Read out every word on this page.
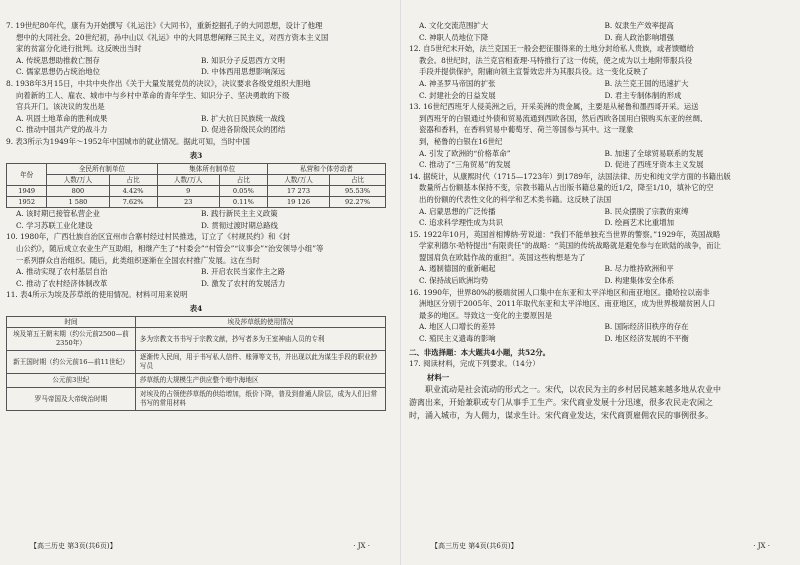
7. 19世纪80年代，康有为开始撰写《礼运注》《大同书》，重新挖掘孔子的大同思想，设计了他理
想中的大同社会。20世纪初，孙中山以《礼运》中的大同思想阐释三民主义，对西方资本主义国
家的贫富分化进行批判。这反映出当时
A. 传统思想助推救亡图存	B. 知识分子反思西方文明
C. 儒家思想仍占统治地位	D. 中体西用思想影响深远
8. 1938年3月15日，中共中央作出《关于大量发展党员的决议》，决议要求各级党组织大胆地
向着新的工人、雇农、城市中与乡村中革命的青年学生、知识分子、坚决勇敢的下级
官兵开门。该决议的发出是
A. 巩固土地革命的胜利成果	B. 扩大抗日民族统一战线
C. 推动中国共产党的战斗力	D. 促进各阶级民众的团结
9. 表3所示为1949年～1952年中国城市的就业情况。据此可知，当时中国
表3
年份	全民所有制单位		集体所有制单位		私营和个体劳动者	
	人数/万人	占比	人数/万人	占比	人数/万人	占比
1949	800	4.42%	9	0.05%	17 273	95.53%
1952	1 580	7.62%	23	0.11%	19 126	92.27%
A. 该时期已接管私营企业	B. 践行新民主主义政策
C. 学习苏联工业化建设	D. 贯彻过渡时期总路线
10. 1980年，广西壮族自治区宜州市合寨村经过村民推选，订立了《村规民约》和《封
山公约》，随后成立农业生产互助组，相继产生了“村委会”“村管会”“议事会”“治安领导小组”等
一系列群众自治组织。随后，此类组织逐渐在全国农村推广发展。这在当时
A. 推动实现了农村基层自治	B. 开启农民当家作主之路
C. 推动了农村经济体制改革	D. 激发了农村的发展活力
11. 表4所示为埃及莎草纸的使用情况。材料可用来说明
表4
时间	埃及莎草纸的使用情况
埃及第五王朝末期（约公元前2500—前2350年）	多为宗教文书书写于宗教文献，抄写者多为王室神庙人员的专利
新王国时期（约公元前16—前11世纪）	逐渐传入民间，用于书写私人信件、账簿等文书，并出现以此为谋生手段的职业抄写员
公元前3世纪	莎草纸的大规模生产供应整个地中海地区
罗马帝国及大帝统治时期	对埃及的占领使莎草纸的供给增加，纸价下降，普及到普通人阶层，成为人们日常书写的常用材料
【高三历史 第3页(共6页)】	· JX ·
A. 文化交流范围扩大	B. 奴隶生产效率提高
C. 神职人员地位下降	D. 商人政治影响增强
12. 自5世纪末开始，法兰克国王一般会把征服得来的土地分封给私人贵族，或者馈赠给
教会。8世纪时，法兰克宫相查理·马特推行了这一传统，使之成为以土地附带服兵役
手段并提供保护，附庸向领主宣誓效忠并为其服兵役。这一变化反映了
A. 神圣罗马帝国的扩张	B. 法兰克王国的迅速扩大
C. 封建社会的日益发展	D. 君主专制体制的形成
13. 16世纪西班牙人侵美洲之后，开采美洲的贵金属，主要是从秘鲁和墨西哥开采。运送
到西班牙的白银通过外债和贸易流通到西欧各国，然后西欧各国用白银购买东亚的丝绸、
瓷器和香料，在香料贸易中葡萄牙、荷兰等国参与其中。这一现象
到，秘鲁的白银在16世纪
A. 引发了欧洲的“价格革命”	B. 加速了全球贸易联系的发展
C. 推动了“三角贸易”的发展	D. 促进了西班牙资本主义发展
14. 据统计，从康熙时代（1715—1723年）到1789年，法国法律、历史和纯文学方面的书籍出版
数量所占份额基本保持不变，宗教书籍从占出版书籍总量的近1/2，降至1/10，填补它的空
出的份额的代表性文化的科学和艺术类书籍。这反映了法国
A. 启蒙思想的广泛传播	B. 民众摆脱了宗教的束缚
C. 追求科学理性成为共识	D. 绘画艺术比重增加
15. 1922年10月，英国首相博纳·劳说道：“我们不能单独充当世界的警察。”1929年，英国战略
学家利德尔·哈特提出“有限责任”的战略：“英国的传统战略就是避免参与在欧陆的战争，而让
盟国肩负在欧陆作战的重担”。英国这些构想是为了
A. 遏制德国的重新崛起	B. 尽力维持欧洲和平
C. 保持战后欧洲均势	D. 构建集体安全体系
16. 1990年，世界80%的极端贫困人口集中在东亚和太平洋地区和南亚地区。撒哈拉以南非
洲地区分别于2005年、2011年取代东亚和太平洋地区、南亚地区，成为世界极端贫困人口
最多的地区。导致这一变化的主要原因是
A. 地区人口增长的差异	B. 国际经济旧秩序的存在
C. 殖民主义遗毒的影响	D. 地区经济发展的不平衡
二、非选择题：本大题共4小题，共52分。
17. 阅读材料，完成下列要求。（14分）
材料一
　　职业流动是社会流动的形式之一。宋代，以农民为主的乡村居民越来越多地从农业中
游离出来，开始兼职或专门从事手工生产。宋代商业发展十分迅速，很多农民走农闲之
时，涌入城市，为人佣力，谋求生计。宋代商业发达，宋代商贾雇佣农民的事例很多。
【高三历史 第4页(共6页)】	· JX ·
